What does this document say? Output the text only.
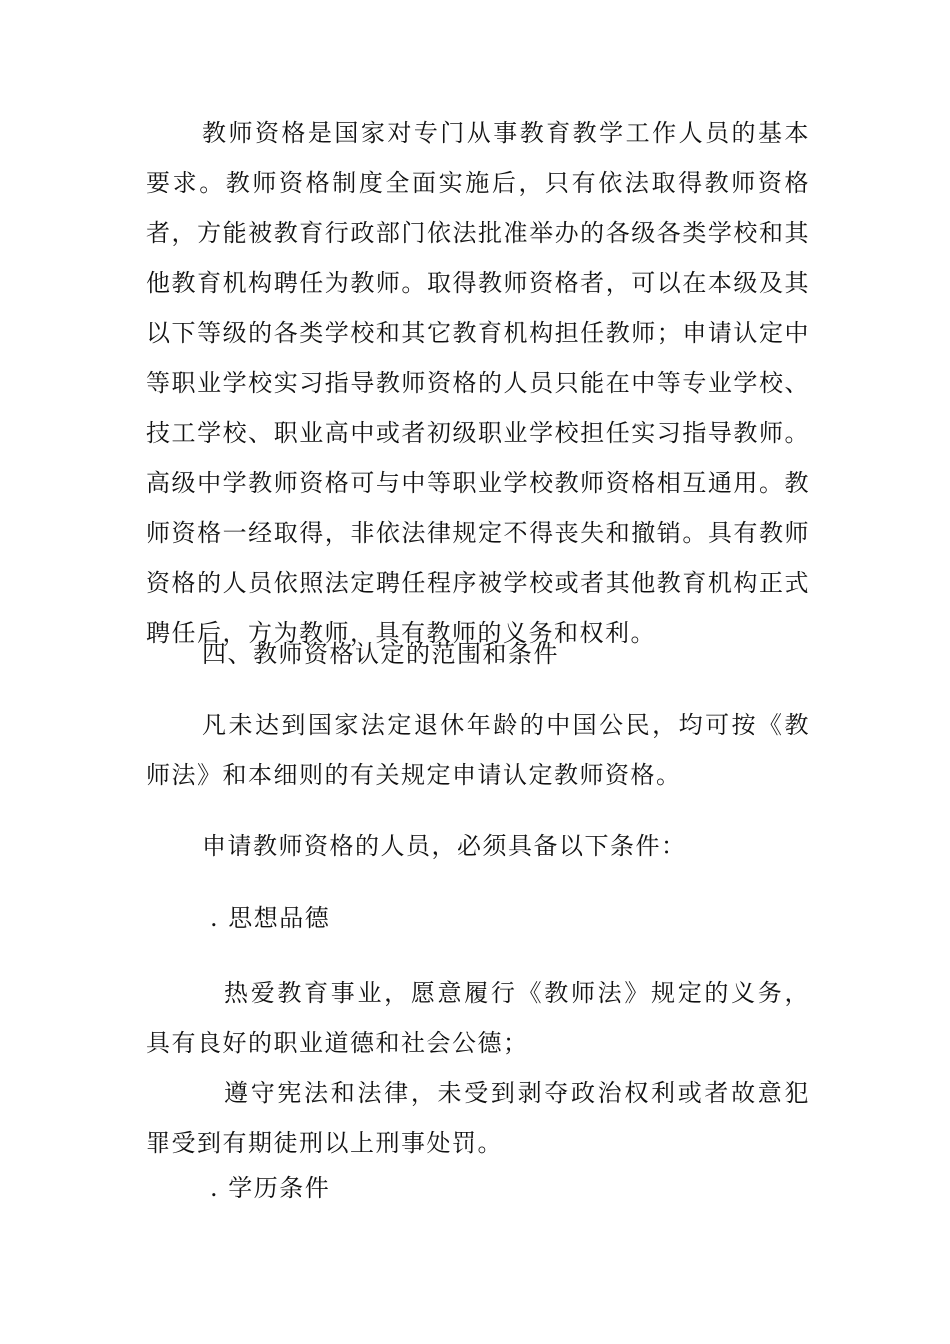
教师资格是国家对专门从事教育教学工作人员的基本要求。教师资格制度全面实施后，只有依法取得教师资格者，方能被教育行政部门依法批准举办的各级各类学校和其他教育机构聘任为教师。取得教师资格者，可以在本级及其以下等级的各类学校和其它教育机构担任教师；申请认定中等职业学校实习指导教师资格的人员只能在中等专业学校、技工学校、职业高中或者初级职业学校担任实习指导教师。高级中学教师资格可与中等职业学校教师资格相互通用。教师资格一经取得，非依法律规定不得丧失和撤销。具有教师资格的人员依照法定聘任程序被学校或者其他教育机构正式聘任后，方为教师，具有教师的义务和权利。

四、教师资格认定的范围和条件

凡未达到国家法定退休年龄的中国公民，均可按《教师法》和本细则的有关规定申请认定教师资格。

申请教师资格的人员，必须具备以下条件：

. 思想品德

热爱教育事业，愿意履行《教师法》规定的义务，具有良好的职业道德和社会公德；

遵守宪法和法律，未受到剥夺政治权利或者故意犯罪受到有期徒刑以上刑事处罚。

. 学历条件
